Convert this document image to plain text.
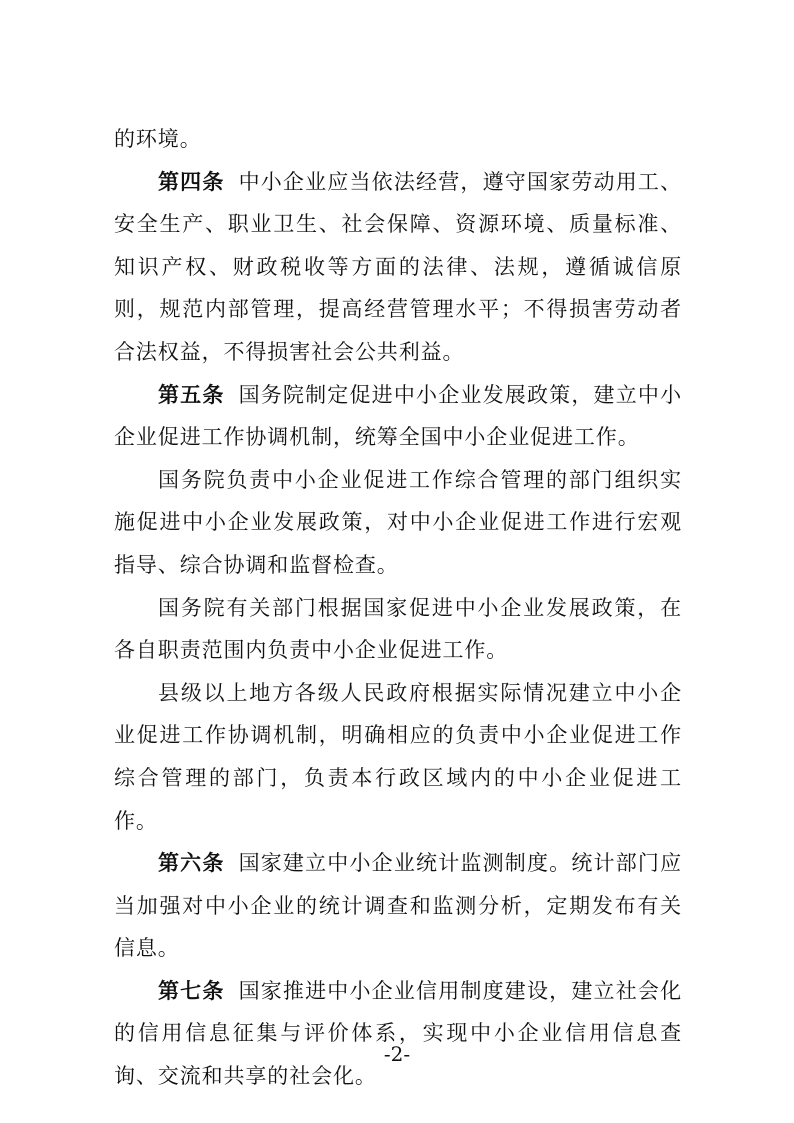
的环境。

第四条 中小企业应当依法经营，遵守国家劳动用工、安全生产、职业卫生、社会保障、资源环境、质量标准、知识产权、财政税收等方面的法律、法规，遵循诚信原则，规范内部管理，提高经营管理水平；不得损害劳动者合法权益，不得损害社会公共利益。

第五条 国务院制定促进中小企业发展政策，建立中小企业促进工作协调机制，统筹全国中小企业促进工作。

国务院负责中小企业促进工作综合管理的部门组织实施促进中小企业发展政策，对中小企业促进工作进行宏观指导、综合协调和监督检查。

国务院有关部门根据国家促进中小企业发展政策，在各自职责范围内负责中小企业促进工作。

县级以上地方各级人民政府根据实际情况建立中小企业促进工作协调机制，明确相应的负责中小企业促进工作综合管理的部门，负责本行政区域内的中小企业促进工作。

第六条 国家建立中小企业统计监测制度。统计部门应当加强对中小企业的统计调查和监测分析，定期发布有关信息。

第七条 国家推进中小企业信用制度建设，建立社会化的信用信息征集与评价体系，实现中小企业信用信息查询、交流和共享的社会化。

-2-
